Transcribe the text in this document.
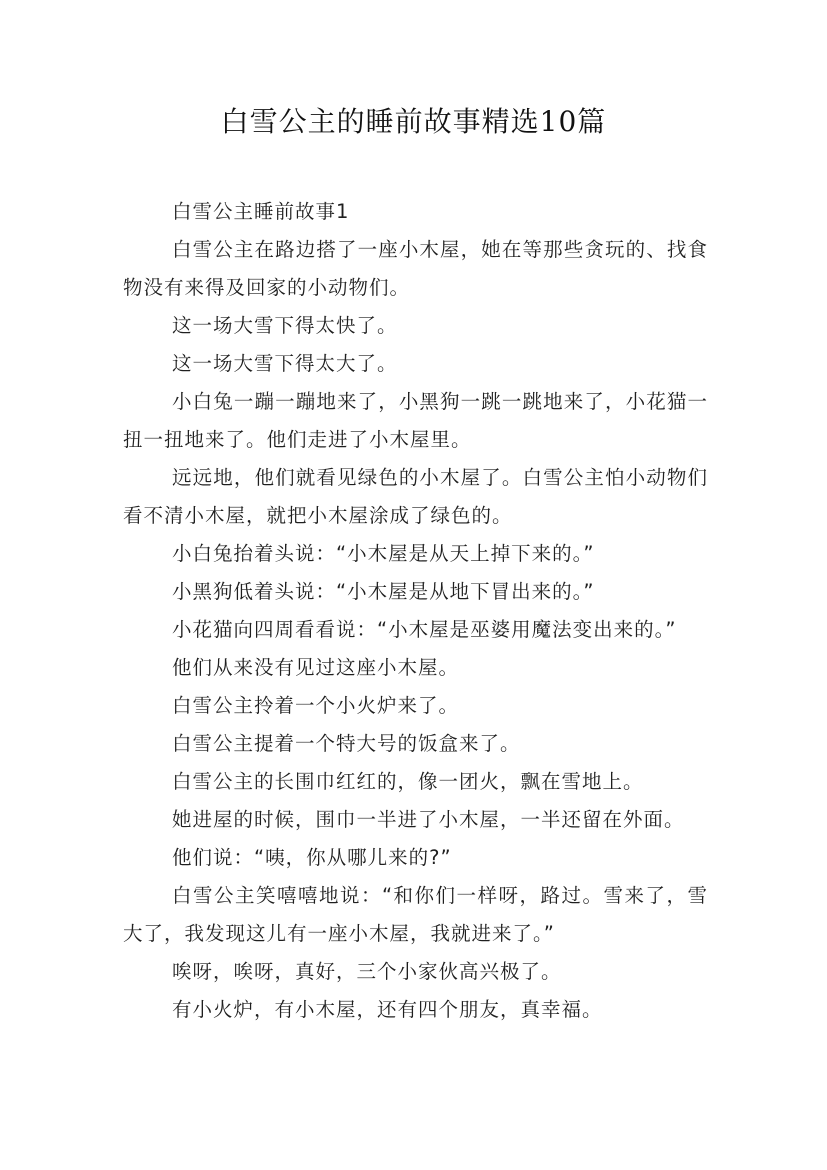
白雪公主的睡前故事精选10篇

白雪公主睡前故事1

白雪公主在路边搭了一座小木屋，她在等那些贪玩的、找食物没有来得及回家的小动物们。

这一场大雪下得太快了。

这一场大雪下得太大了。

小白兔一蹦一蹦地来了，小黑狗一跳一跳地来了，小花猫一扭一扭地来了。他们走进了小木屋里。

远远地，他们就看见绿色的小木屋了。白雪公主怕小动物们看不清小木屋，就把小木屋涂成了绿色的。

小白兔抬着头说：“小木屋是从天上掉下来的。”

小黑狗低着头说：“小木屋是从地下冒出来的。”

小花猫向四周看看说：“小木屋是巫婆用魔法变出来的。”

他们从来没有见过这座小木屋。

白雪公主拎着一个小火炉来了。

白雪公主提着一个特大号的饭盒来了。

白雪公主的长围巾红红的，像一团火，飘在雪地上。

她进屋的时候，围巾一半进了小木屋，一半还留在外面。

他们说：“咦，你从哪儿来的?”

白雪公主笑嘻嘻地说：“和你们一样呀，路过。雪来了，雪大了，我发现这儿有一座小木屋，我就进来了。”

唉呀，唉呀，真好，三个小家伙高兴极了。

有小火炉，有小木屋，还有四个朋友，真幸福。
